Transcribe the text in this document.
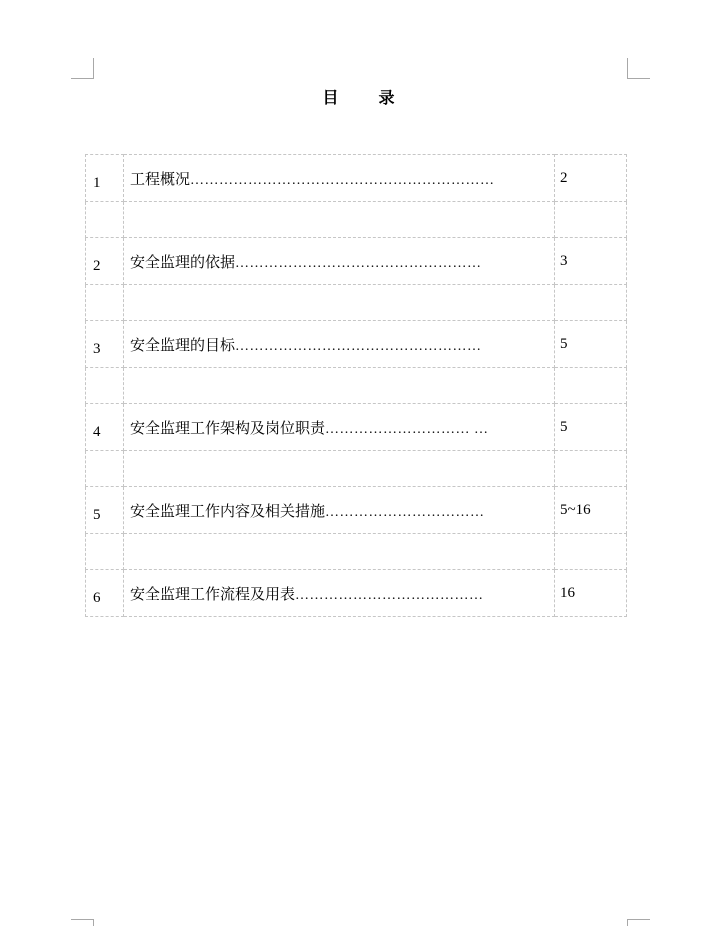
目 录
1	工程概况………………………………………………………	2

2	安全监理的依据……………………………………………	3

3	安全监理的目标……………………………………………	5

4	安全监理工作架构及岗位职责………………………… …	5

5	安全监理工作内容及相关措施……………………………	5~16

6	安全监理工作流程及用表…………………………………	16
